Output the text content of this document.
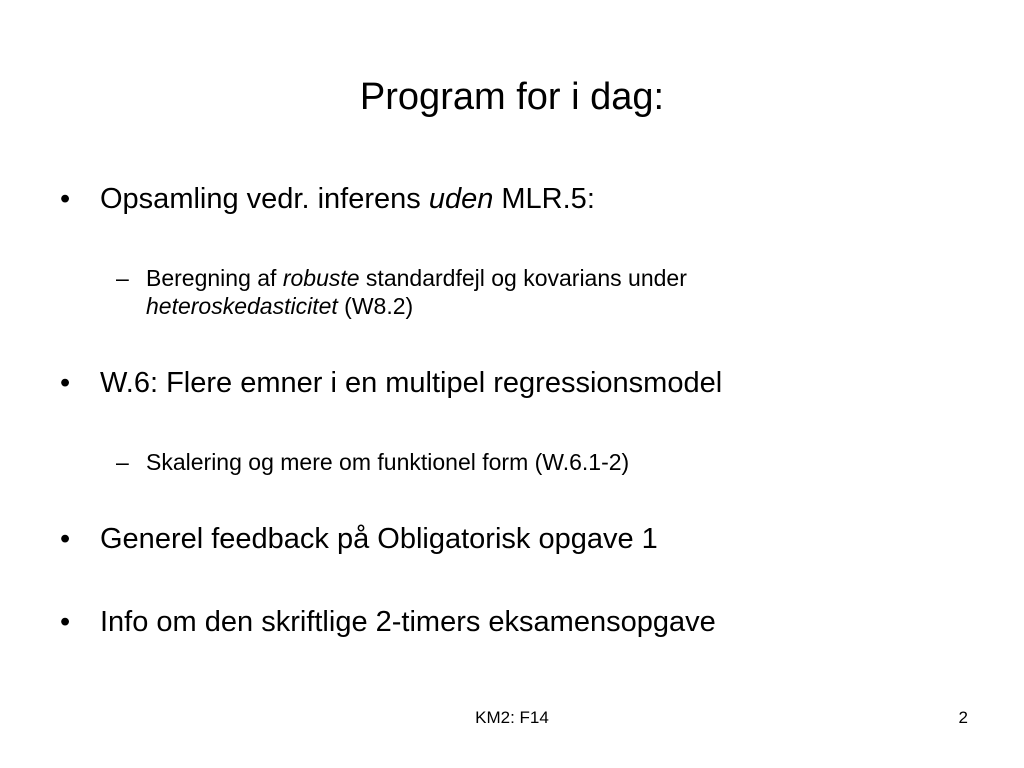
Program for i dag:
• Opsamling vedr. inferens uden MLR.5:
– Beregning af robuste standardfejl og kovarians under
heteroskedasticitet (W8.2)
• W.6: Flere emner i en multipel regressionsmodel
– Skalering og mere om funktionel form (W.6.1-2)
• Generel feedback på Obligatorisk opgave 1
• Info om den skriftlige 2-timers eksamensopgave
KM2: F14	2
